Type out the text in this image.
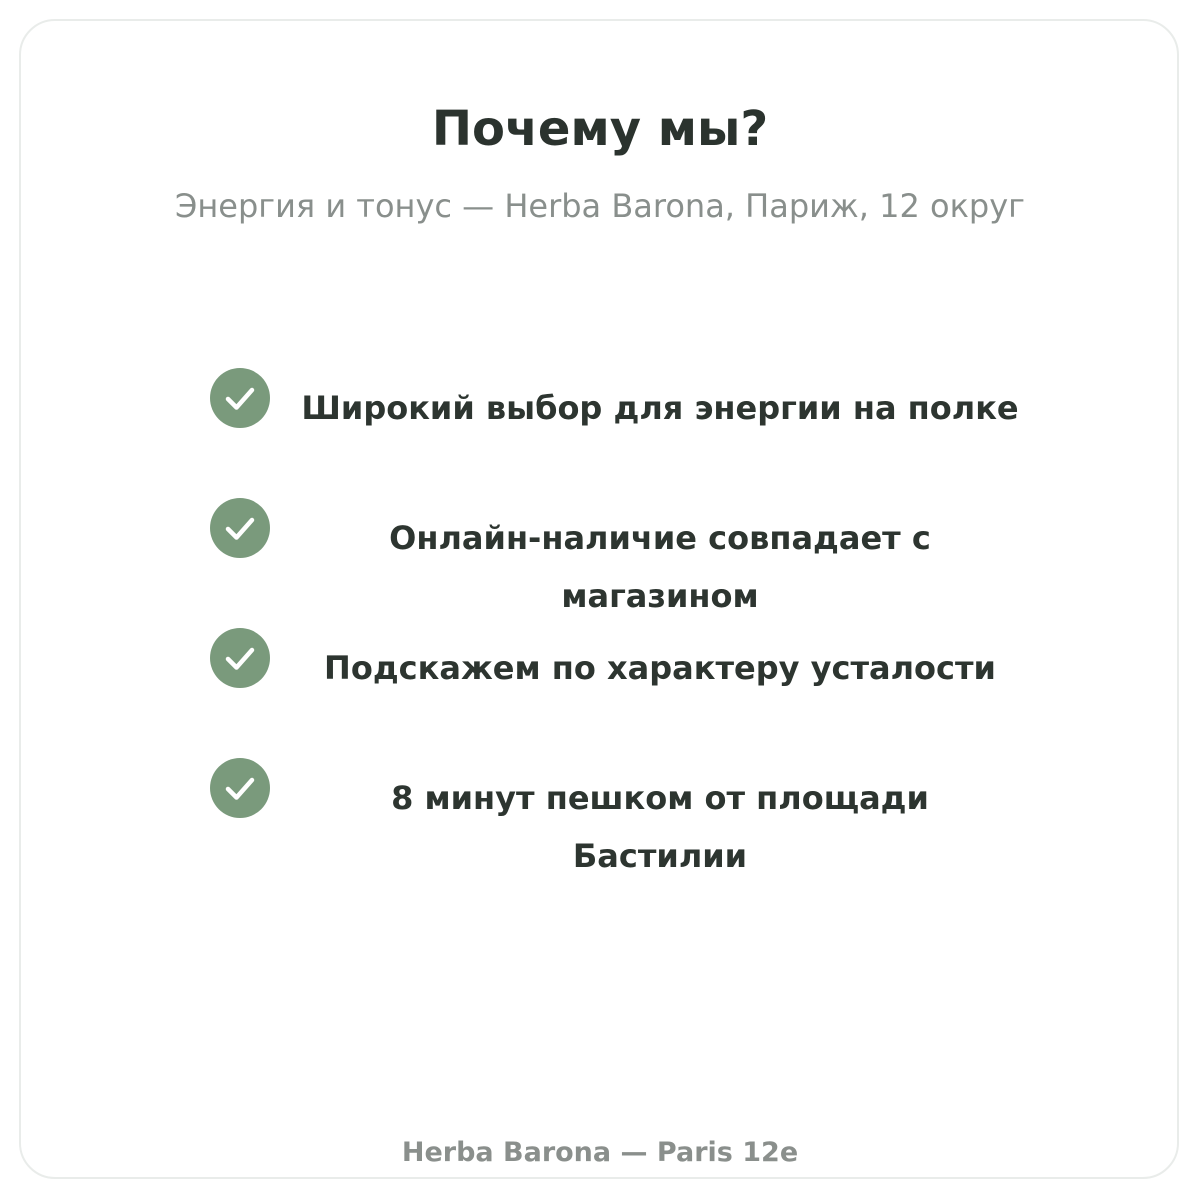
Почему мы?

Энергия и тонус — Herba Barona, Париж, 12 округ

Широкий выбор для энергии на полке
Онлайн-наличие совпадает с магазином
Подскажем по характеру усталости
8 минут пешком от площади Бастилии
Herba Barona — Paris 12e
